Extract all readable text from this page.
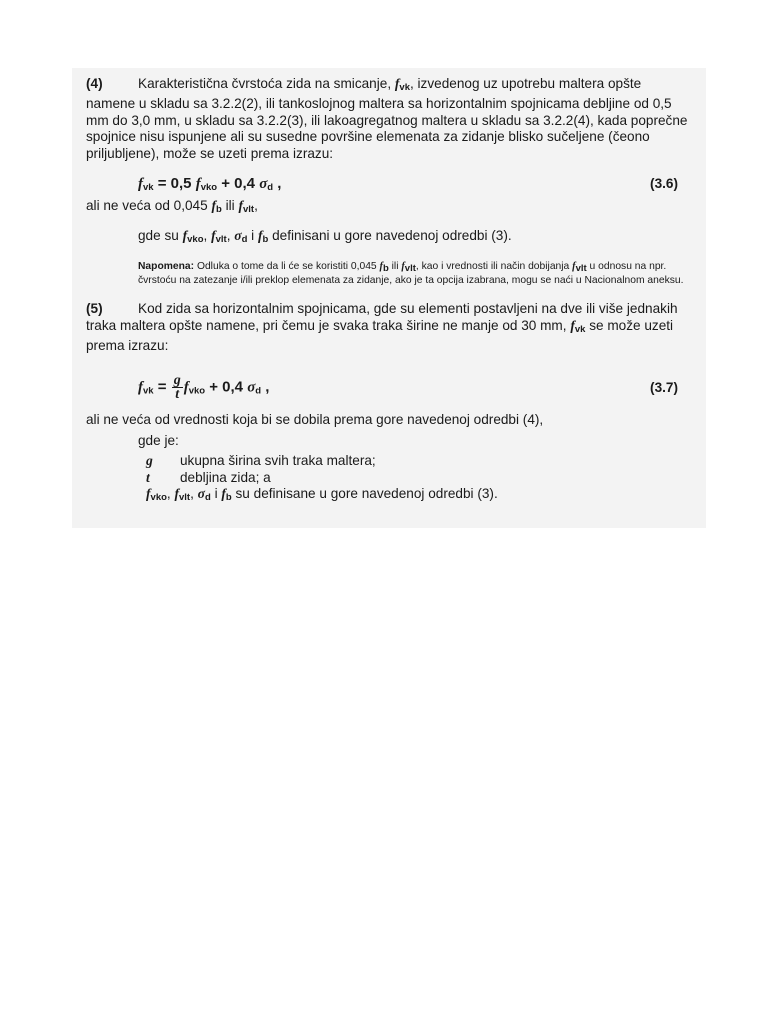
(4)	Karakteristična čvrstoća zida na smicanje, $f_{vk}$, izvedenog uz upotrebu maltera opšte namene u skladu sa 3.2.2(2), ili tankoslojnog maltera sa horizontalnim spojnicama debljine od 0,5 mm do 3,0 mm, u skladu sa 3.2.2(3), ili lakoagregatnog maltera u skladu sa 3.2.2(4), kada poprečne spojnice nisu ispunjene ali su susedne površine elemenata za zidanje blisko sučeljene (čeono priljubljene), može se uzeti prema izrazu:

$f_{vk} = 0,5$ $f_{vko} + 0,4$ $\sigma_d$ ,	(3.6)

ali ne veća od 0,045 $f_b$ ili $f_{vlt}$,

gde su $f_{vko}$, $f_{vlt}$, $\sigma_d$ i $f_b$ definisani u gore navedenoj odredbi (3).

Napomena: Odluka o tome da li će se koristiti 0,045 $f_b$ ili $f_{vlt}$, kao i vrednosti ili način dobijanja $f_{vlt}$ u odnosu na npr. čvrstoću na zatezanje i/ili preklop elemenata za zidanje, ako je ta opcija izabrana, mogu se naći u Nacionalnom aneksu.

(5)	Kod zida sa horizontalnim spojnicama, gde su elementi postavljeni na dve ili više jednakih traka maltera opšte namene, pri čemu je svaka traka širine ne manje od 30 mm, $f_{vk}$ se može uzeti prema izrazu:

$f_{vk} = \frac{g}{t} f_{vko} + 0,4$ $\sigma_d$ ,	(3.7)

ali ne veća od vrednosti koja bi se dobila prema gore navedenoj odredbi (4),

gde je:

g	ukupna širina svih traka maltera;
t	debljina zida; a
$f_{vko}$, $f_{vlt}$, $\sigma_d$ i $f_b$ su definisane u gore navedenoj odredbi (3).
